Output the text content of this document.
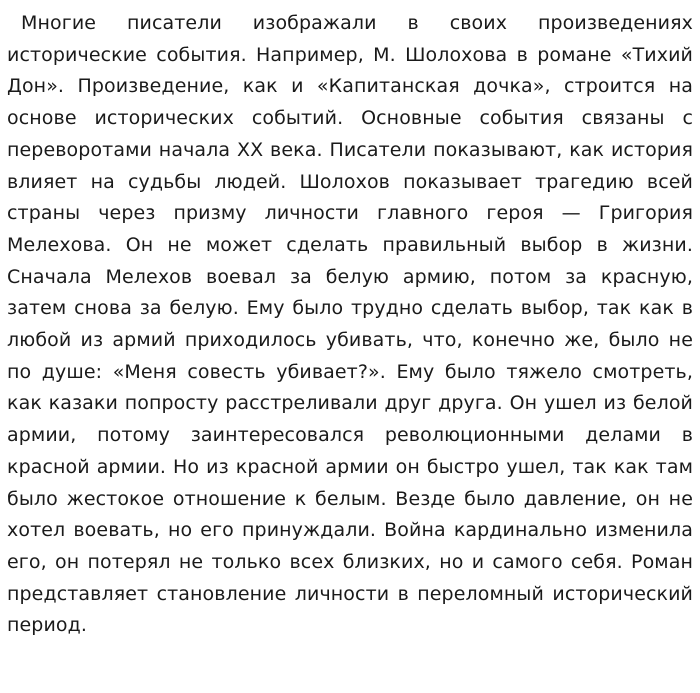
Многие писатели изображали в своих произведениях исторические события. Например, М. Шолохова в романе «Тихий Дон». Произведение, как и «Капитанская дочка», строится на основе исторических событий. Основные события связаны с переворотами начала XX века. Писатели показывают, как история влияет на судьбы людей. Шолохов показывает трагедию всей страны через призму личности главного героя — Григория Мелехова. Он не может сделать правильный выбор в жизни. Сначала Мелехов воевал за белую армию, потом за красную, затем снова за белую. Ему было трудно сделать выбор, так как в любой из армий приходилось убивать, что, конечно же, было не по душе: «Меня совесть убивает?». Ему было тяжело смотреть, как казаки попросту расстреливали друг друга. Он ушел из белой армии, потому заинтересовался революционными делами в красной армии. Но из красной армии он быстро ушел, так как там было жестокое отношение к белым. Везде было давление, он не хотел воевать, но его принуждали. Война кардинально изменила его, он потерял не только всех близких, но и самого себя. Роман представляет становление личности в переломный исторический период.
